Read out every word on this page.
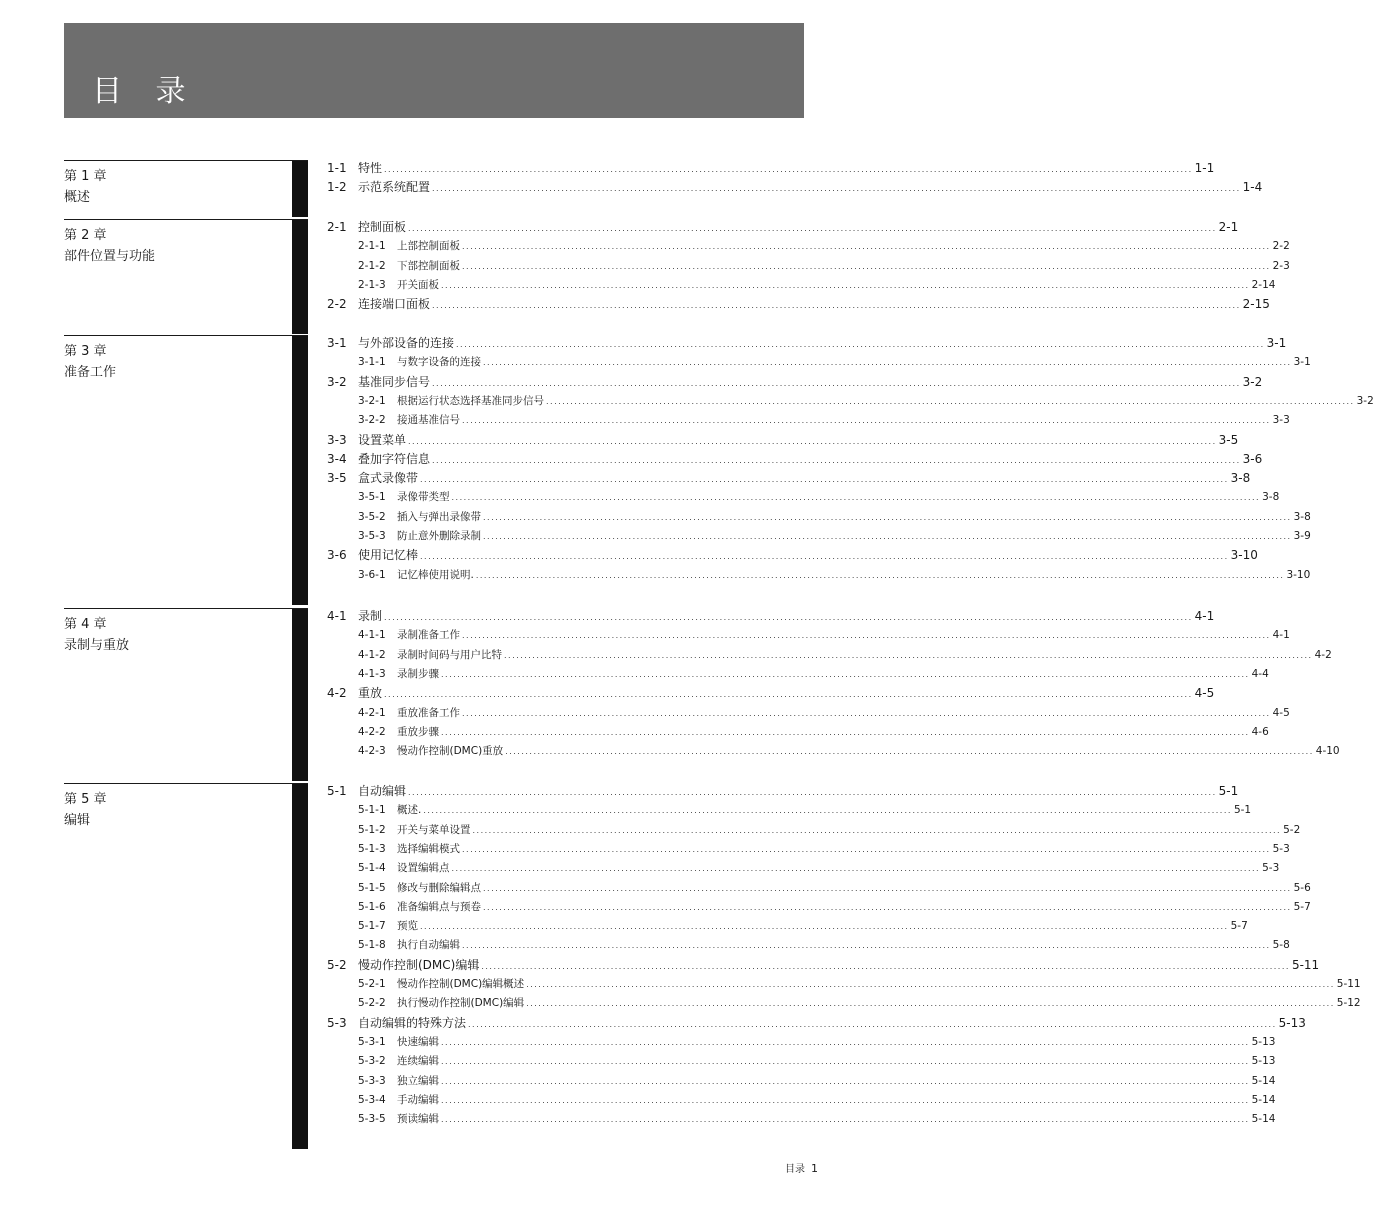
目 录
第 1 章
概述
1-1 特性 ........................................................................................................................................................................................................ 1-1
1-2 示范系统配置 ........................................................................................................................................................................................................ 1-4
第 2 章
部件位置与功能
2-1 控制面板 ........................................................................................................................................................................................................ 2-1
2-1-1	上部控制面板 ........................................................................................................................................................................................................ 2-2
2-1-2	下部控制面板 ........................................................................................................................................................................................................ 2-3
2-1-3	开关面板 ........................................................................................................................................................................................................ 2-14
2-2 连接端口面板 ........................................................................................................................................................................................................ 2-15
第 3 章
准备工作
3-1 与外部设备的连接 ........................................................................................................................................................................................................ 3-1
3-1-1	与数字设备的连接 ........................................................................................................................................................................................................ 3-1
3-2 基准同步信号 ........................................................................................................................................................................................................ 3-2
3-2-1	根据运行状态选择基准同步信号 ........................................................................................................................................................................................................ 3-2
3-2-2	接通基准信号 ........................................................................................................................................................................................................ 3-3
3-3 设置菜单 ........................................................................................................................................................................................................ 3-5
3-4 叠加字符信息 ........................................................................................................................................................................................................ 3-6
3-5 盒式录像带 ........................................................................................................................................................................................................ 3-8
3-5-1	录像带类型 ........................................................................................................................................................................................................ 3-8
3-5-2	插入与弹出录像带 ........................................................................................................................................................................................................ 3-8
3-5-3	防止意外删除录制 ........................................................................................................................................................................................................ 3-9
3-6 使用记忆棒 ........................................................................................................................................................................................................ 3-10
3-6-1	记忆棒使用说明. ........................................................................................................................................................................................................ 3-10
第 4 章
录制与重放
4-1 录制 ........................................................................................................................................................................................................ 4-1
4-1-1	录制准备工作 ........................................................................................................................................................................................................ 4-1
4-1-2	录制时间码与用户比特 ........................................................................................................................................................................................................ 4-2
4-1-3	录制步骤 ........................................................................................................................................................................................................ 4-4
4-2 重放 ........................................................................................................................................................................................................ 4-5
4-2-1	重放准备工作 ........................................................................................................................................................................................................ 4-5
4-2-2	重放步骤 ........................................................................................................................................................................................................ 4-6
4-2-3	慢动作控制(DMC)重放 ........................................................................................................................................................................................................ 4-10
第 5 章
编辑
5-1 自动编辑 ........................................................................................................................................................................................................ 5-1
5-1-1	概述. ........................................................................................................................................................................................................ 5-1
5-1-2	开关与菜单设置 ........................................................................................................................................................................................................ 5-2
5-1-3	选择编辑模式 ........................................................................................................................................................................................................ 5-3
5-1-4	设置编辑点 ........................................................................................................................................................................................................ 5-3
5-1-5	修改与删除编辑点 ........................................................................................................................................................................................................ 5-6
5-1-6	准备编辑点与预卷 ........................................................................................................................................................................................................ 5-7
5-1-7	预览 ........................................................................................................................................................................................................ 5-7
5-1-8	执行自动编辑 ........................................................................................................................................................................................................ 5-8
5-2 慢动作控制(DMC)编辑 ........................................................................................................................................................................................................ 5-11
5-2-1	慢动作控制(DMC)编辑概述 ........................................................................................................................................................................................................ 5-11
5-2-2	执行慢动作控制(DMC)编辑 ........................................................................................................................................................................................................ 5-12
5-3 自动编辑的特殊方法 ........................................................................................................................................................................................................ 5-13
5-3-1	快速编辑 ........................................................................................................................................................................................................ 5-13
5-3-2	连续编辑 ........................................................................................................................................................................................................ 5-13
5-3-3	独立编辑 ........................................................................................................................................................................................................ 5-14
5-3-4	手动编辑 ........................................................................................................................................................................................................ 5-14
5-3-5	预读编辑 ........................................................................................................................................................................................................ 5-14
目录 1
